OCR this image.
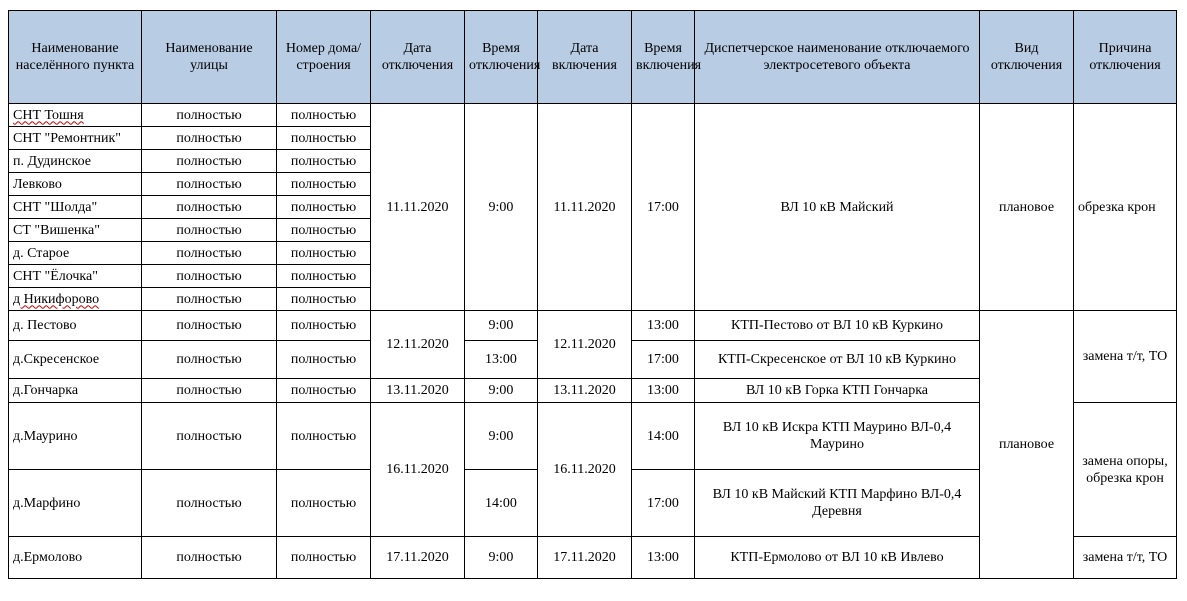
Наименование населённого пункта	Наименование улицы	Номер дома/строения	Дата отключения	Время отключения	Дата включения	Время включения	Диспетчерское наименование отключаемого электросетевого объекта	Вид отключения	Причина отключения
СНТ Тошня	полностью	полностью	11.11.2020	9:00	11.11.2020	17:00	ВЛ 10 кВ Майский	плановое	обрезка крон
СНТ "Ремонтник"	полностью	полностью							
п. Дудинское	полностью	полностью							
Левково	полностью	полностью							
СНТ "Шолда"	полностью	полностью							
СТ "Вишенка"	полностью	полностью							
д. Старое	полностью	полностью							
СНТ "Ёлочка"	полностью	полностью							
д Никифорово	полностью	полностью							
д. Пестово	полностью	полностью	12.11.2020	9:00	12.11.2020	13:00	КТП-Пестово от ВЛ 10 кВ Куркино	плановое	замена т/т, ТО
д.Скресенское	полностью	полностью		13:00		17:00	КТП-Скресенское от ВЛ 10 кВ Куркино		
д.Гончарка	полностью	полностью	13.11.2020	9:00	13.11.2020	13:00	ВЛ 10 кВ Горка КТП Гончарка		
д.Маурино	полностью	полностью	16.11.2020	9:00	16.11.2020	14:00	ВЛ 10 кВ Искра КТП Маурино ВЛ-0,4 Маурино		замена опоры, обрезка крон
д.Марфино	полностью	полностью		14:00		17:00	ВЛ 10 кВ Майский КТП Марфино ВЛ-0,4 Деревня		
д.Ермолово	полностью	полностью	17.11.2020	9:00	17.11.2020	13:00	КТП-Ермолово от ВЛ 10 кВ Ивлево		замена т/т, ТО
